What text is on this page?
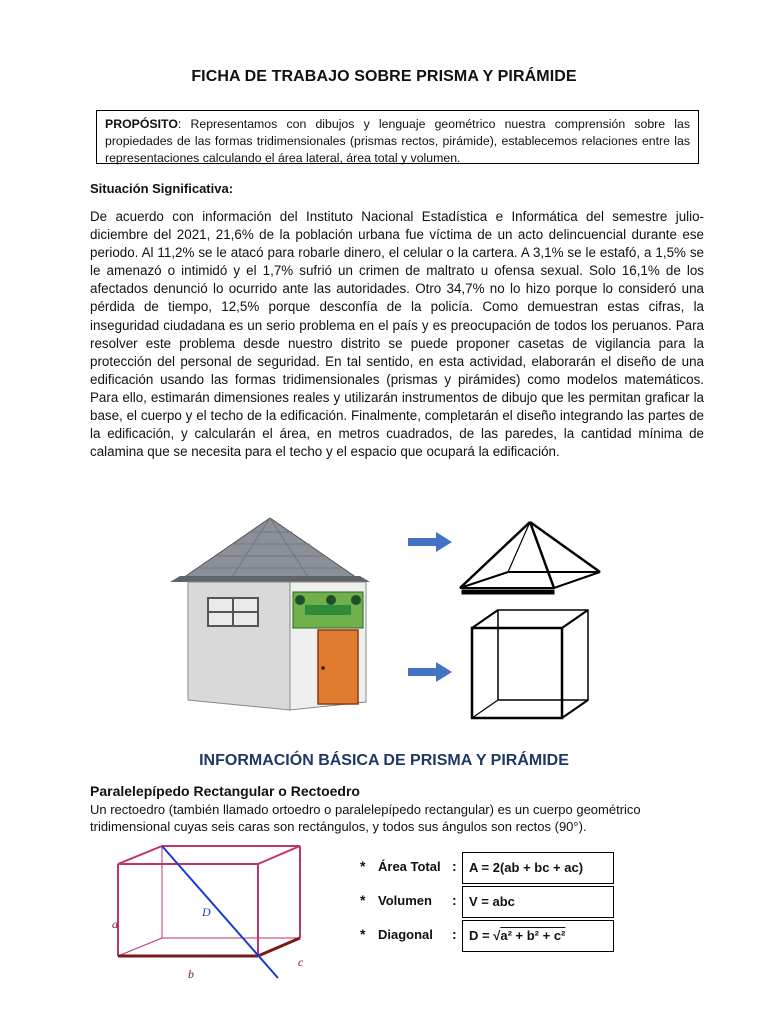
FICHA DE TRABAJO SOBRE PRISMA Y PIRÁMIDE
PROPÓSITO: Representamos con dibujos y lenguaje geométrico nuestra comprensión sobre las propiedades de las formas tridimensionales (prismas rectos, pirámide), establecemos relaciones entre las representaciones calculando el área lateral, área total y volumen.
Situación Significativa:

De acuerdo con información del Instituto Nacional Estadística e Informática del semestre julio- diciembre del 2021, 21,6% de la población urbana fue víctima de un acto delincuencial durante ese periodo. Al 11,2% se le atacó para robarle dinero, el celular o la cartera. A 3,1% se le estafó, a 1,5% se le amenazó o intimidó y el 1,7% sufrió un crimen de maltrato u ofensa sexual. Solo 16,1% de los afectados denunció lo ocurrido ante las autoridades. Otro 34,7% no lo hizo porque lo consideró una pérdida de tiempo, 12,5% porque desconfía de la policía. Como demuestran estas cifras, la inseguridad ciudadana es un serio problema en el país y es preocupación de todos los peruanos. Para resolver este problema desde nuestro distrito se puede proponer casetas de vigilancia para la protección del personal de seguridad. En tal sentido, en esta actividad, elaborarán el diseño de una edificación usando las formas tridimensionales (prismas y pirámides) como modelos matemáticos. Para ello, estimarán dimensiones reales y utilizarán instrumentos de dibujo que les permitan graficar la base, el cuerpo y el techo de la edificación. Finalmente, completarán el diseño integrando las partes de la edificación, y calcularán el área, en metros cuadrados, de las paredes, la cantidad mínima de calamina que se necesita para el techo y el espacio que ocupará la edificación.

INFORMACIÓN BÁSICA DE PRISMA Y PIRÁMIDE
Paralelepípedo Rectangular o Rectoedro
Un rectoedro (también llamado ortoedro o paralelepípedo rectangular) es un cuerpo geométrico tridimensional cuyas seis caras son rectángulos, y todos sus ángulos son rectos (90°).
a
b
c
D
* Área Total : A = 2(ab + bc + ac)
* Volumen : V = abc
* Diagonal : D = √a² + b² + c²
